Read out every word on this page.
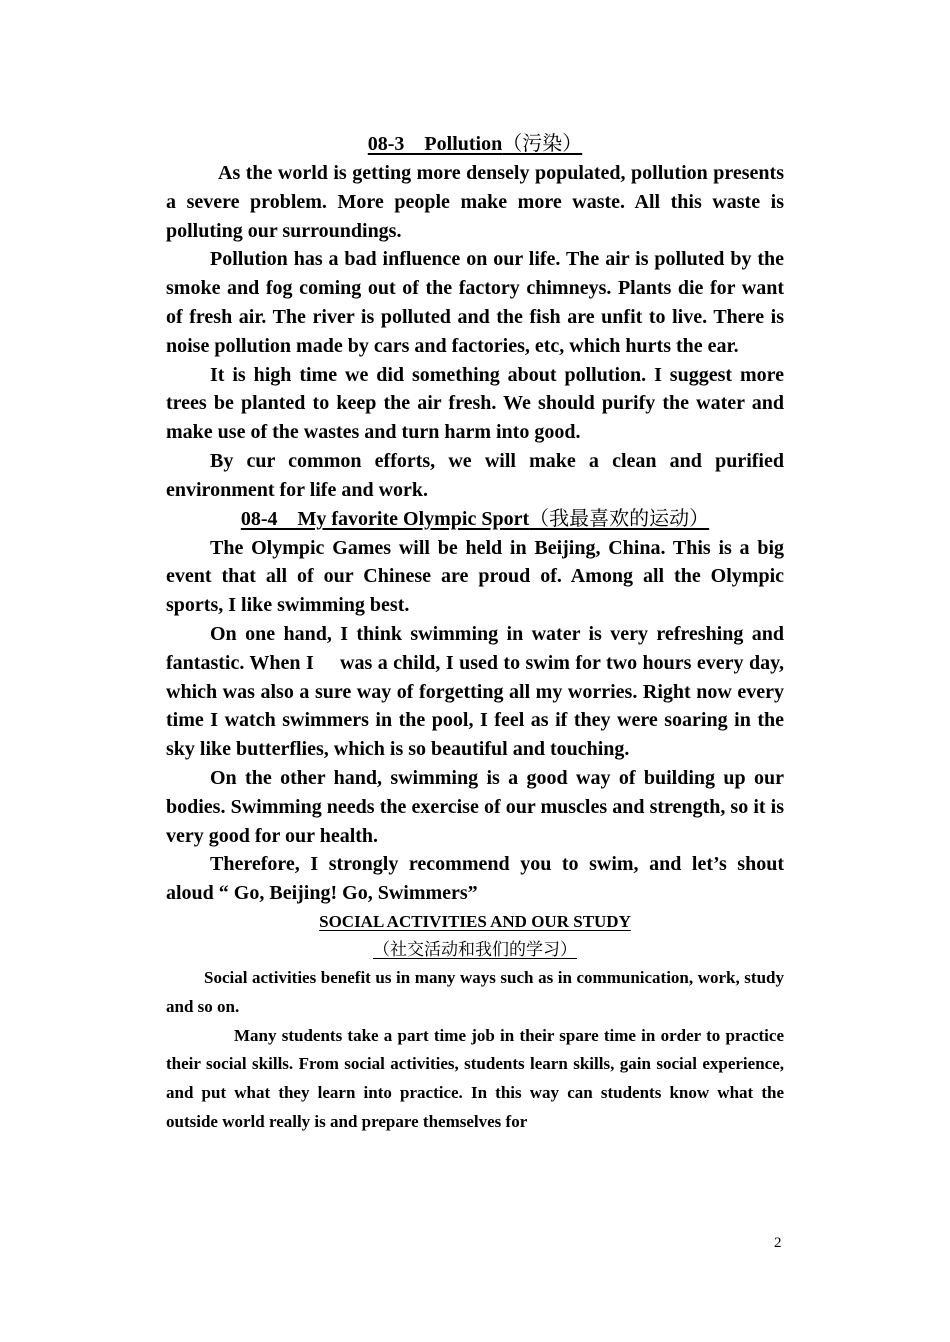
08-3　Pollution（污染）

As the world is getting more densely populated, pollution presents a severe problem. More people make more waste. All this waste is polluting our surroundings.

Pollution has a bad influence on our life. The air is polluted by the smoke and fog coming out of the factory chimneys. Plants die for want of fresh air. The river is polluted and the fish are unfit to live. There is noise pollution made by cars and factories, etc, which hurts the ear.

It is high time we did something about pollution. I suggest more trees be planted to keep the air fresh. We should purify the water and make use of the wastes and turn harm into good.

By cur common efforts, we will make a clean and purified environment for life and work.

08-4　My favorite Olympic Sport（我最喜欢的运动）

The Olympic Games will be held in Beijing, China. This is a big event that all of our Chinese are proud of. Among all the Olympic sports, I like swimming best.

On one hand, I think swimming in water is very refreshing and fantastic. When I　 was a child, I used to swim for two hours every day, which was also a sure way of forgetting all my worries. Right now every time I watch swimmers in the pool, I feel as if they were soaring in the sky like butterflies, which is so beautiful and touching.

On the other hand, swimming is a good way of building up our bodies. Swimming needs the exercise of our muscles and strength, so it is very good for our health.

Therefore, I strongly recommend you to swim, and let’s shout aloud “ Go, Beijing! Go, Swimmers”

SOCIAL ACTIVITIES AND OUR STUDY
（社交活动和我们的学习）

Social activities benefit us in many ways such as in communication, work, study and so on.

Many students take a part time job in their spare time in order to practice their social skills. From social activities, students learn skills, gain social experience, and put what they learn into practice. In this way can students know what the outside world really is and prepare themselves for

2
